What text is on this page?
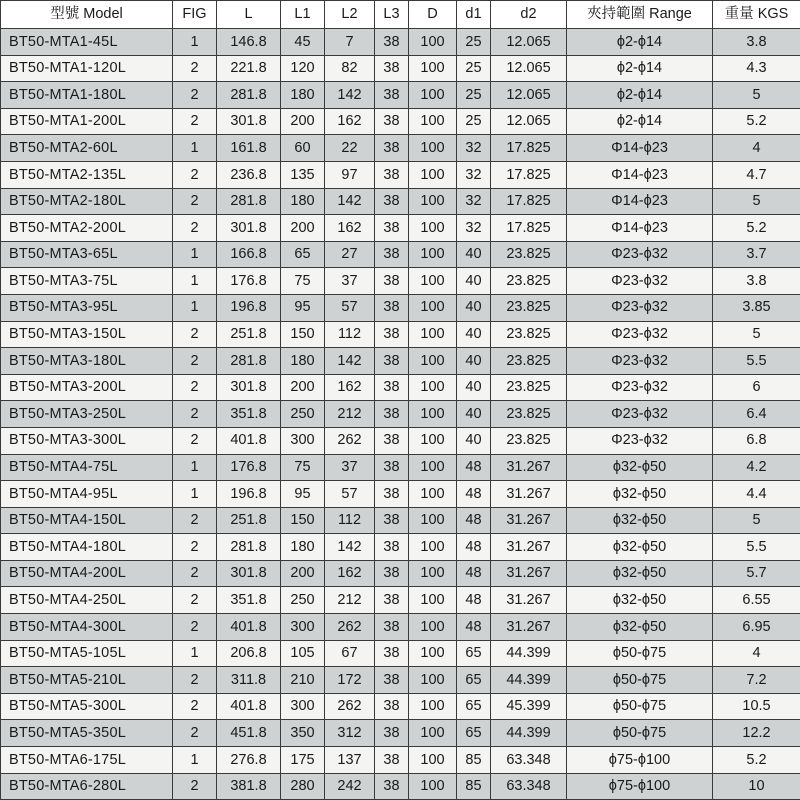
型號 Model	FIG	L	L1	L2	L3	D	d1	d2	夾持範圍 Range	重量 KGS
BT50-MTA1-45L	1	146.8	45	7	38	100	25	12.065	ϕ2-ϕ14	3.8
BT50-MTA1-120L	2	221.8	120	82	38	100	25	12.065	ϕ2-ϕ14	4.3
BT50-MTA1-180L	2	281.8	180	142	38	100	25	12.065	ϕ2-ϕ14	5
BT50-MTA1-200L	2	301.8	200	162	38	100	25	12.065	ϕ2-ϕ14	5.2
BT50-MTA2-60L	1	161.8	60	22	38	100	32	17.825	Φ14-ϕ23	4
BT50-MTA2-135L	2	236.8	135	97	38	100	32	17.825	Φ14-ϕ23	4.7
BT50-MTA2-180L	2	281.8	180	142	38	100	32	17.825	Φ14-ϕ23	5
BT50-MTA2-200L	2	301.8	200	162	38	100	32	17.825	Φ14-ϕ23	5.2
BT50-MTA3-65L	1	166.8	65	27	38	100	40	23.825	Φ23-ϕ32	3.7
BT50-MTA3-75L	1	176.8	75	37	38	100	40	23.825	Φ23-ϕ32	3.8
BT50-MTA3-95L	1	196.8	95	57	38	100	40	23.825	Φ23-ϕ32	3.85
BT50-MTA3-150L	2	251.8	150	112	38	100	40	23.825	Φ23-ϕ32	5
BT50-MTA3-180L	2	281.8	180	142	38	100	40	23.825	Φ23-ϕ32	5.5
BT50-MTA3-200L	2	301.8	200	162	38	100	40	23.825	Φ23-ϕ32	6
BT50-MTA3-250L	2	351.8	250	212	38	100	40	23.825	Φ23-ϕ32	6.4
BT50-MTA3-300L	2	401.8	300	262	38	100	40	23.825	Φ23-ϕ32	6.8
BT50-MTA4-75L	1	176.8	75	37	38	100	48	31.267	ϕ32-ϕ50	4.2
BT50-MTA4-95L	1	196.8	95	57	38	100	48	31.267	ϕ32-ϕ50	4.4
BT50-MTA4-150L	2	251.8	150	112	38	100	48	31.267	ϕ32-ϕ50	5
BT50-MTA4-180L	2	281.8	180	142	38	100	48	31.267	ϕ32-ϕ50	5.5
BT50-MTA4-200L	2	301.8	200	162	38	100	48	31.267	ϕ32-ϕ50	5.7
BT50-MTA4-250L	2	351.8	250	212	38	100	48	31.267	ϕ32-ϕ50	6.55
BT50-MTA4-300L	2	401.8	300	262	38	100	48	31.267	ϕ32-ϕ50	6.95
BT50-MTA5-105L	1	206.8	105	67	38	100	65	44.399	ϕ50-ϕ75	4
BT50-MTA5-210L	2	311.8	210	172	38	100	65	44.399	ϕ50-ϕ75	7.2
BT50-MTA5-300L	2	401.8	300	262	38	100	65	45.399	ϕ50-ϕ75	10.5
BT50-MTA5-350L	2	451.8	350	312	38	100	65	44.399	ϕ50-ϕ75	12.2
BT50-MTA6-175L	1	276.8	175	137	38	100	85	63.348	ϕ75-ϕ100	5.2
BT50-MTA6-280L	2	381.8	280	242	38	100	85	63.348	ϕ75-ϕ100	10
